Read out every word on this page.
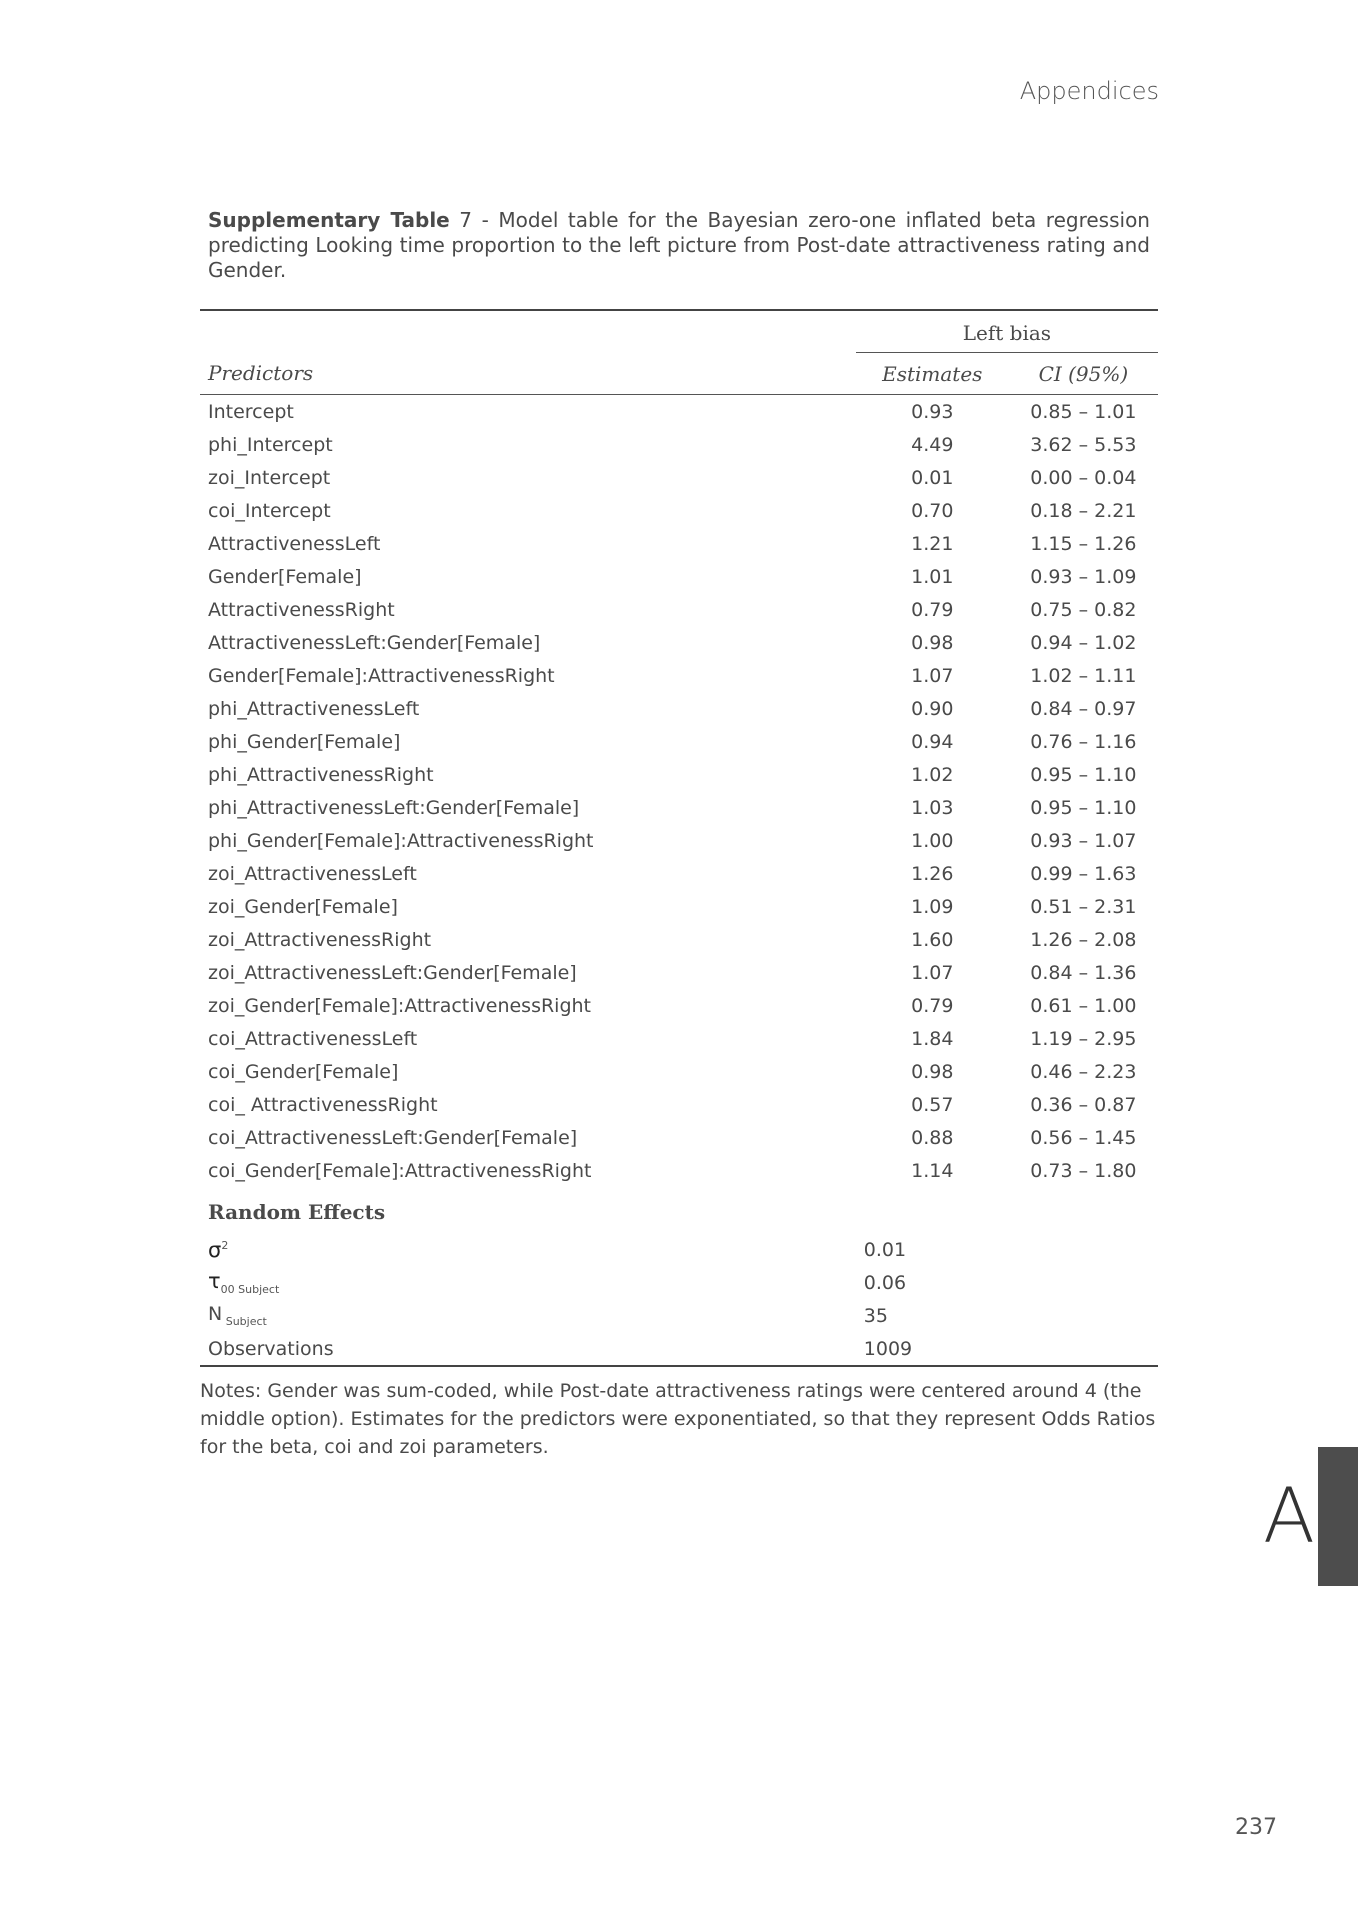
Appendices
Supplementary Table 7 - Model table for the Bayesian zero-one inflated beta regression predicting Looking time proportion to the left picture from Post-date attractiveness rating and Gender.
	Left bias	
Predictors	Estimates	CI (95%)
Intercept	0.93	0.85 – 1.01
phi_Intercept	4.49	3.62 – 5.53
zoi_Intercept	0.01	0.00 – 0.04
coi_Intercept	0.70	0.18 – 2.21
AttractivenessLeft	1.21	1.15 – 1.26
Gender[Female]	1.01	0.93 – 1.09
AttractivenessRight	0.79	0.75 – 0.82
AttractivenessLeft:Gender[Female]	0.98	0.94 – 1.02
Gender[Female]:AttractivenessRight	1.07	1.02 – 1.11
phi_AttractivenessLeft	0.90	0.84 – 0.97
phi_Gender[Female]	0.94	0.76 – 1.16
phi_AttractivenessRight	1.02	0.95 – 1.10
phi_AttractivenessLeft:Gender[Female]	1.03	0.95 – 1.10
phi_Gender[Female]:AttractivenessRight	1.00	0.93 – 1.07
zoi_AttractivenessLeft	1.26	0.99 – 1.63
zoi_Gender[Female]	1.09	0.51 – 2.31
zoi_AttractivenessRight	1.60	1.26 – 2.08
zoi_AttractivenessLeft:Gender[Female]	1.07	0.84 – 1.36
zoi_Gender[Female]:AttractivenessRight	0.79	0.61 – 1.00
coi_AttractivenessLeft	1.84	1.19 – 2.95
coi_Gender[Female]	0.98	0.46 – 2.23
coi_ AttractivenessRight	0.57	0.36 – 0.87
coi_AttractivenessLeft:Gender[Female]	0.88	0.56 – 1.45
coi_Gender[Female]:AttractivenessRight	1.14	0.73 – 1.80
Random Effects		
$\sigma^2$	0.01	
$\tau_{00 Subject}$	0.06	
N $_{Subject}$	35	
Observations	1009	
Notes: Gender was sum-coded, while Post-date attractiveness ratings were centered around 4 (the middle option). Estimates for the predictors were exponentiated, so that they represent Odds Ratios for the beta, coi and zoi parameters.
A
237
